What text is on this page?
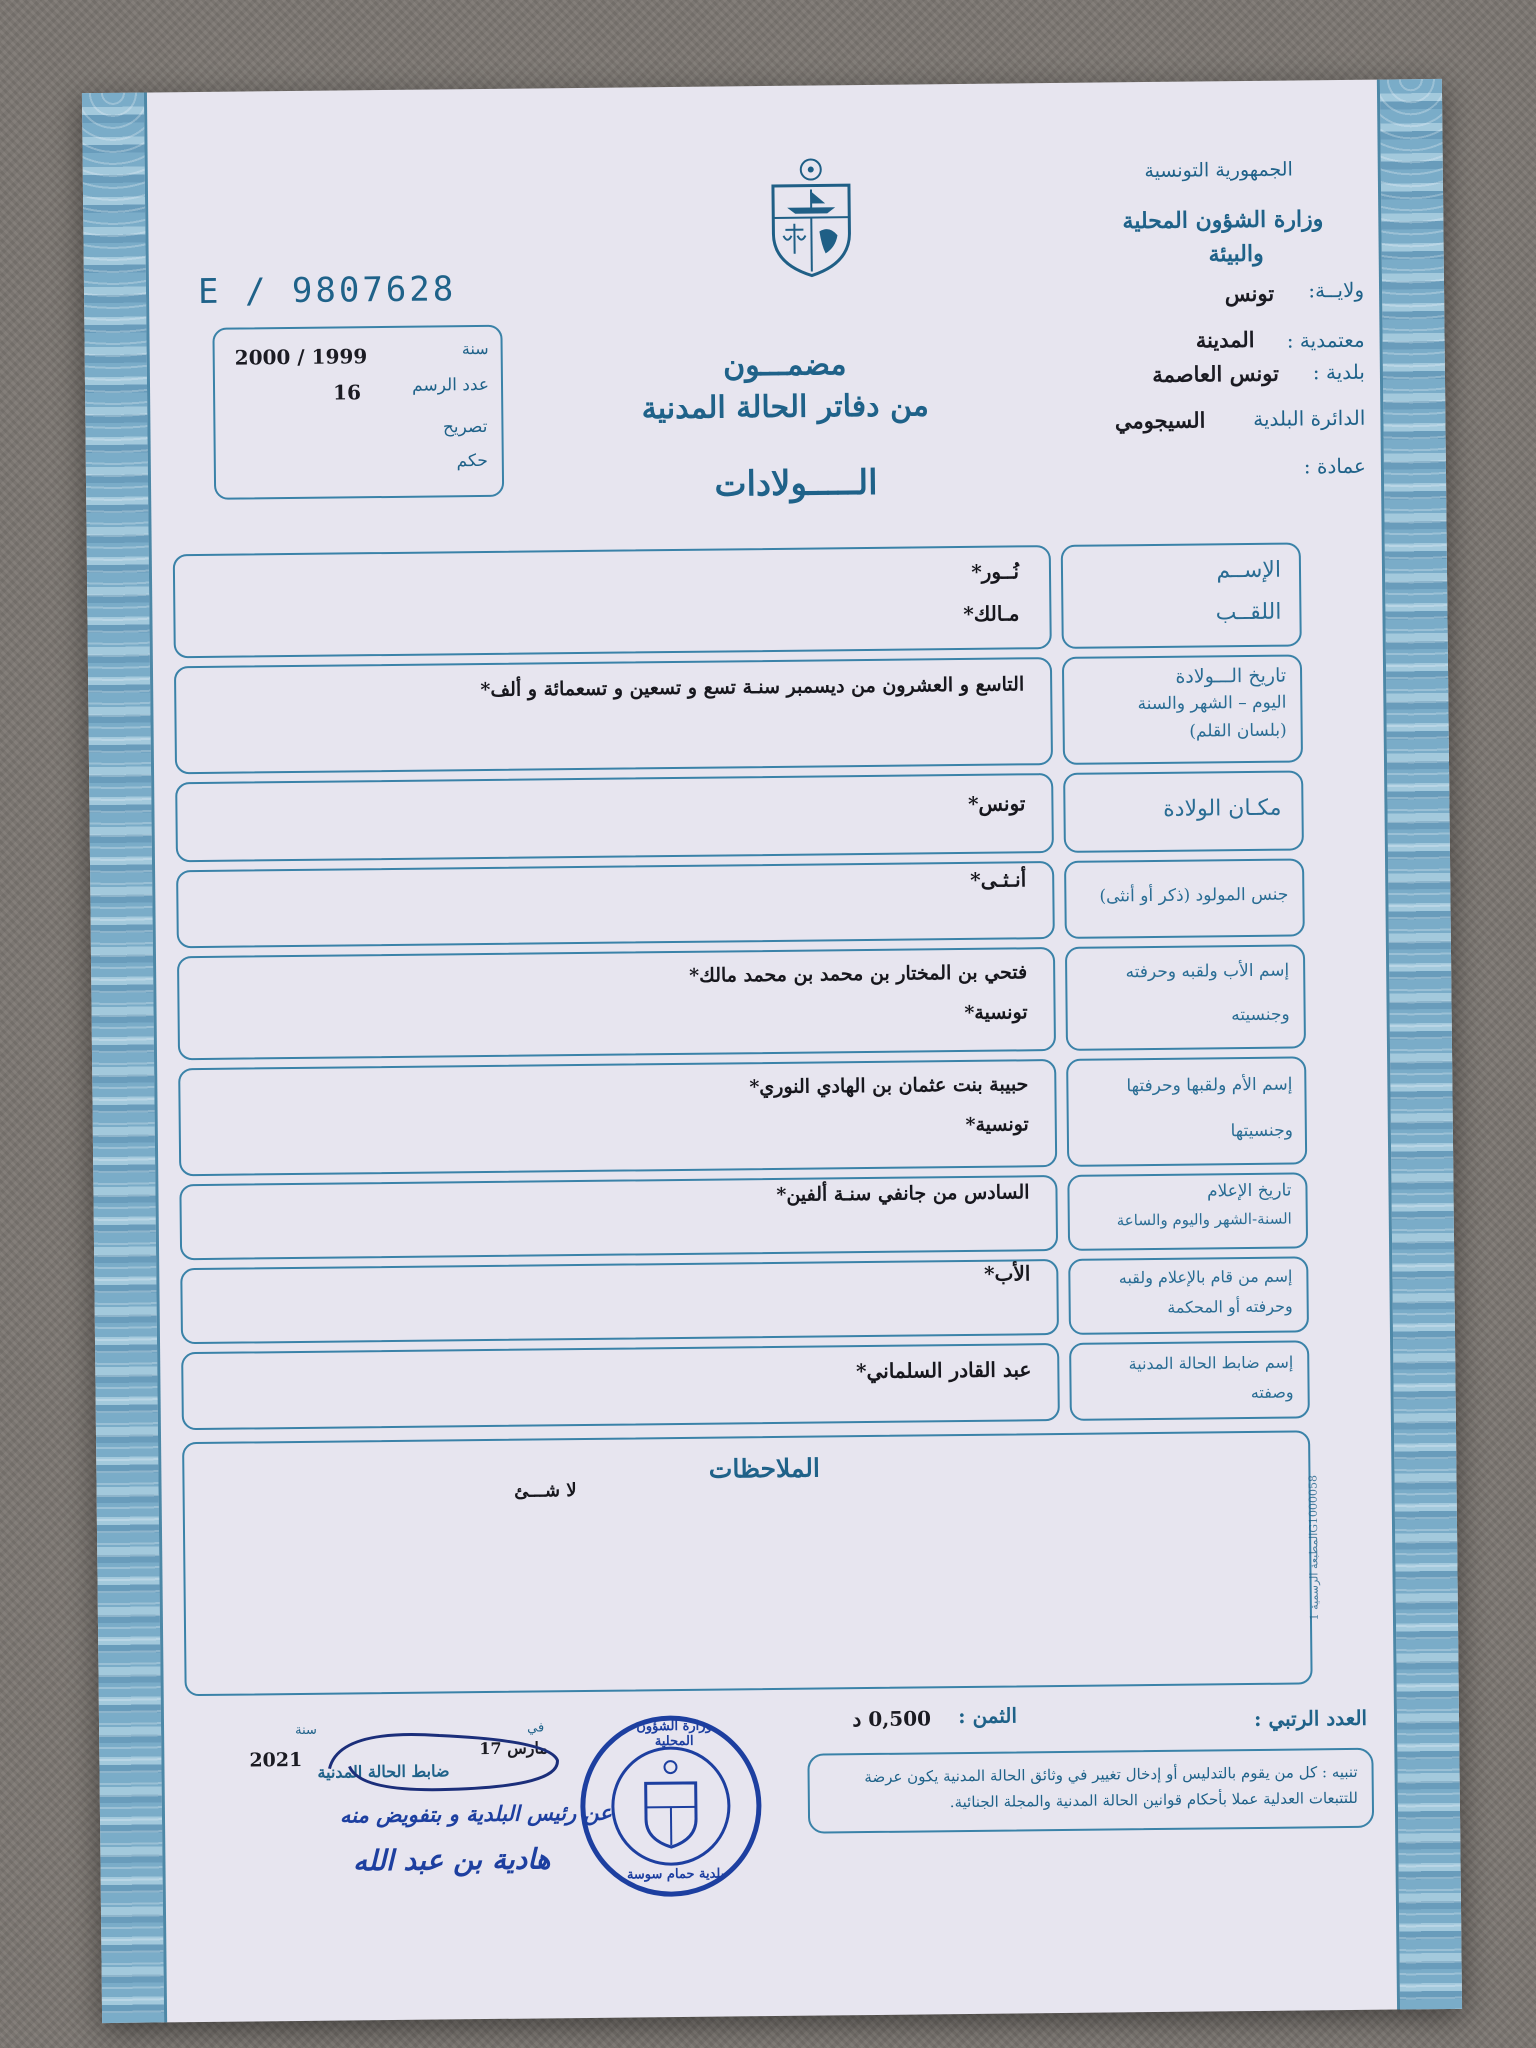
الجمهورية التونسية
وزارة الشؤون المحلية
والبيئة
ولايــة:
تونس
معتمدية :
المدينة
بلدية :
تونس العاصمة
الدائرة البلدية
السيجومي
عمادة :
E / 9807628
سنة
2000 / 1999
عدد الرسم
16
تصريح
حكم
مضمـــون
من دفاتر الحالة المدنية
الـــــولادات
الإســم
اللقــب
نُــور*
مـالك*
تاريخ الـــولادة
اليوم – الشهر والسنة
(بلسان القلم)
التاسع و العشرون من ديسمبر سنـة تسع و تسعين و تسعمائة و ألف*
مكـان الولادة
تونس*
جنس المولود (ذكر أو أنثى)
أنـثـى*
إسم الأب ولقبه وحرفته
وجنسيته
فتحي بن المختار بن محمد بن محمد مالك*
تونسية*
إسم الأم ولقبها وحرفتها
وجنسيتها
حبيبة بنت عثمان بن الهادي النوري*
تونسية*
تاريخ الإعلام
السنة-الشهر واليوم والساعة
السادس من جانفي سنـة ألفين*
إسم من قام بالإعلام ولقبه
وحرفته أو المحكمة
الأب*
إسم ضابط الحالة المدنية
وصفته
عبد القادر السلماني*
الملاحظات
لا شـــئ
المطبعة الرسمية 1G1000058
العدد الرتبي :
الثمن :
0,500 د
تنبيه : كل من يقوم بالتدليس أو إدخال تغيير في وثائق الحالة المدنية يكون عرضة للتتبعات العدلية عملا بأحكام قوانين الحالة المدنية والمجلة الجنائية.
في
17 مارس
سنة
2021
ضابط الحالة المدنية
عن رئيس البلدية و بتفويض منه
هادية بن عبد الله
وزارة الشؤون المحلية
بلدية حمام سوسة
